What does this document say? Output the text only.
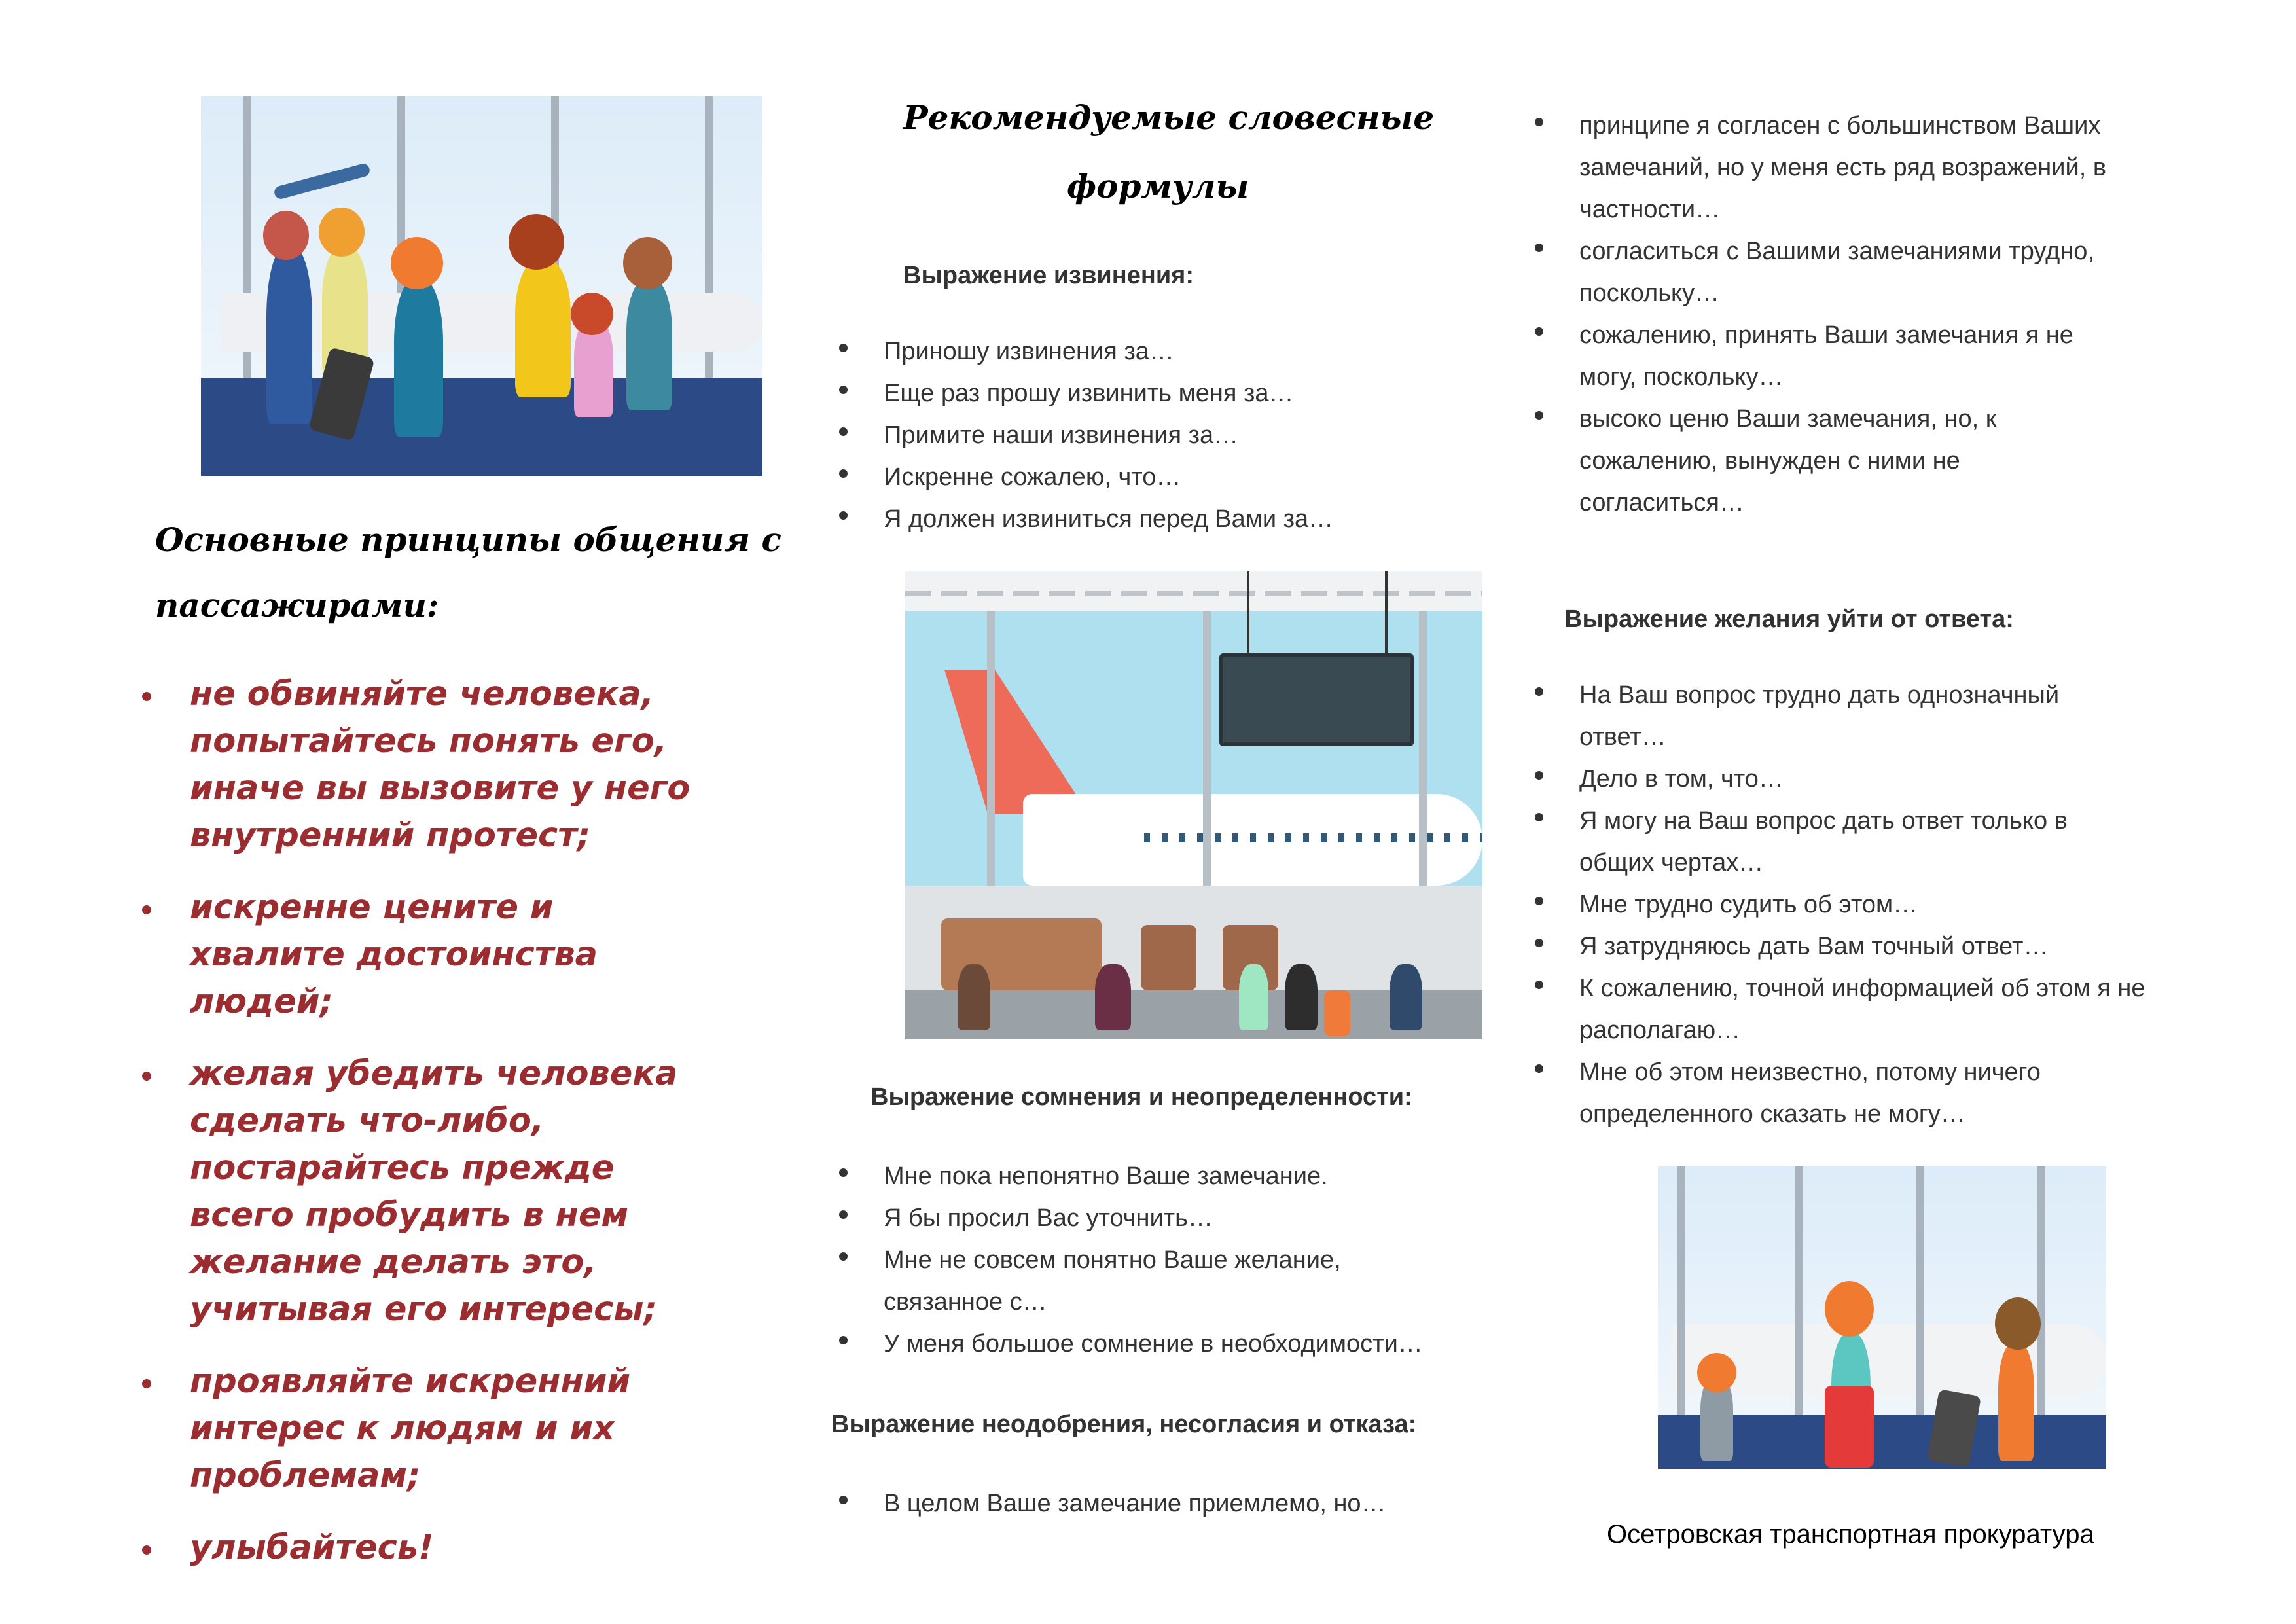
Основные принципы общения с
пассажирами:
не обвиняйте человека, попытайтесь понять его, иначе вы вызовите у него внутренний протест;
искренне цените и хвалите достоинства людей;
желая убедить человека сделать что-либо, постарайтесь прежде всего пробудить в нем желание делать это, учитывая его интересы;
проявляйте искренний интерес к людям и их проблемам;
улыбайтесь!
Рекомендуемые словесные
формулы
Выражение извинения:
Приношу извинения за…
Еще раз прошу извинить меня за…
Примите наши извинения за…
Искренне сожалею, что…
Я должен извиниться перед Вами за…
Выражение сомнения и неопределенности:
Мне пока непонятно Ваше замечание.
Я бы просил Вас уточнить…
Мне не совсем понятно Ваше желание, связанное с…
У меня большое сомнение в необходимости…
Выражение неодобрения, несогласия и отказа:
В целом Ваше замечание приемлемо, но…
принципе я согласен с большинством Ваших замечаний, но у меня есть ряд возражений, в частности…
согласиться с Вашими замечаниями трудно, поскольку…
сожалению, принять Ваши замечания я не могу, поскольку…
высоко ценю Ваши замечания, но, к сожалению, вынужден с ними не согласиться…
Выражение желания уйти от ответа:
На Ваш вопрос трудно дать однозначный ответ…
Дело в том, что…
Я могу на Ваш вопрос дать ответ только в общих чертах…
Мне трудно судить об этом…
Я затрудняюсь дать Вам точный ответ…
К сожалению, точной информацией об этом я не располагаю…
Мне об этом неизвестно, потому ничего определенного сказать не могу…
Осетровская транспортная прокуратура
